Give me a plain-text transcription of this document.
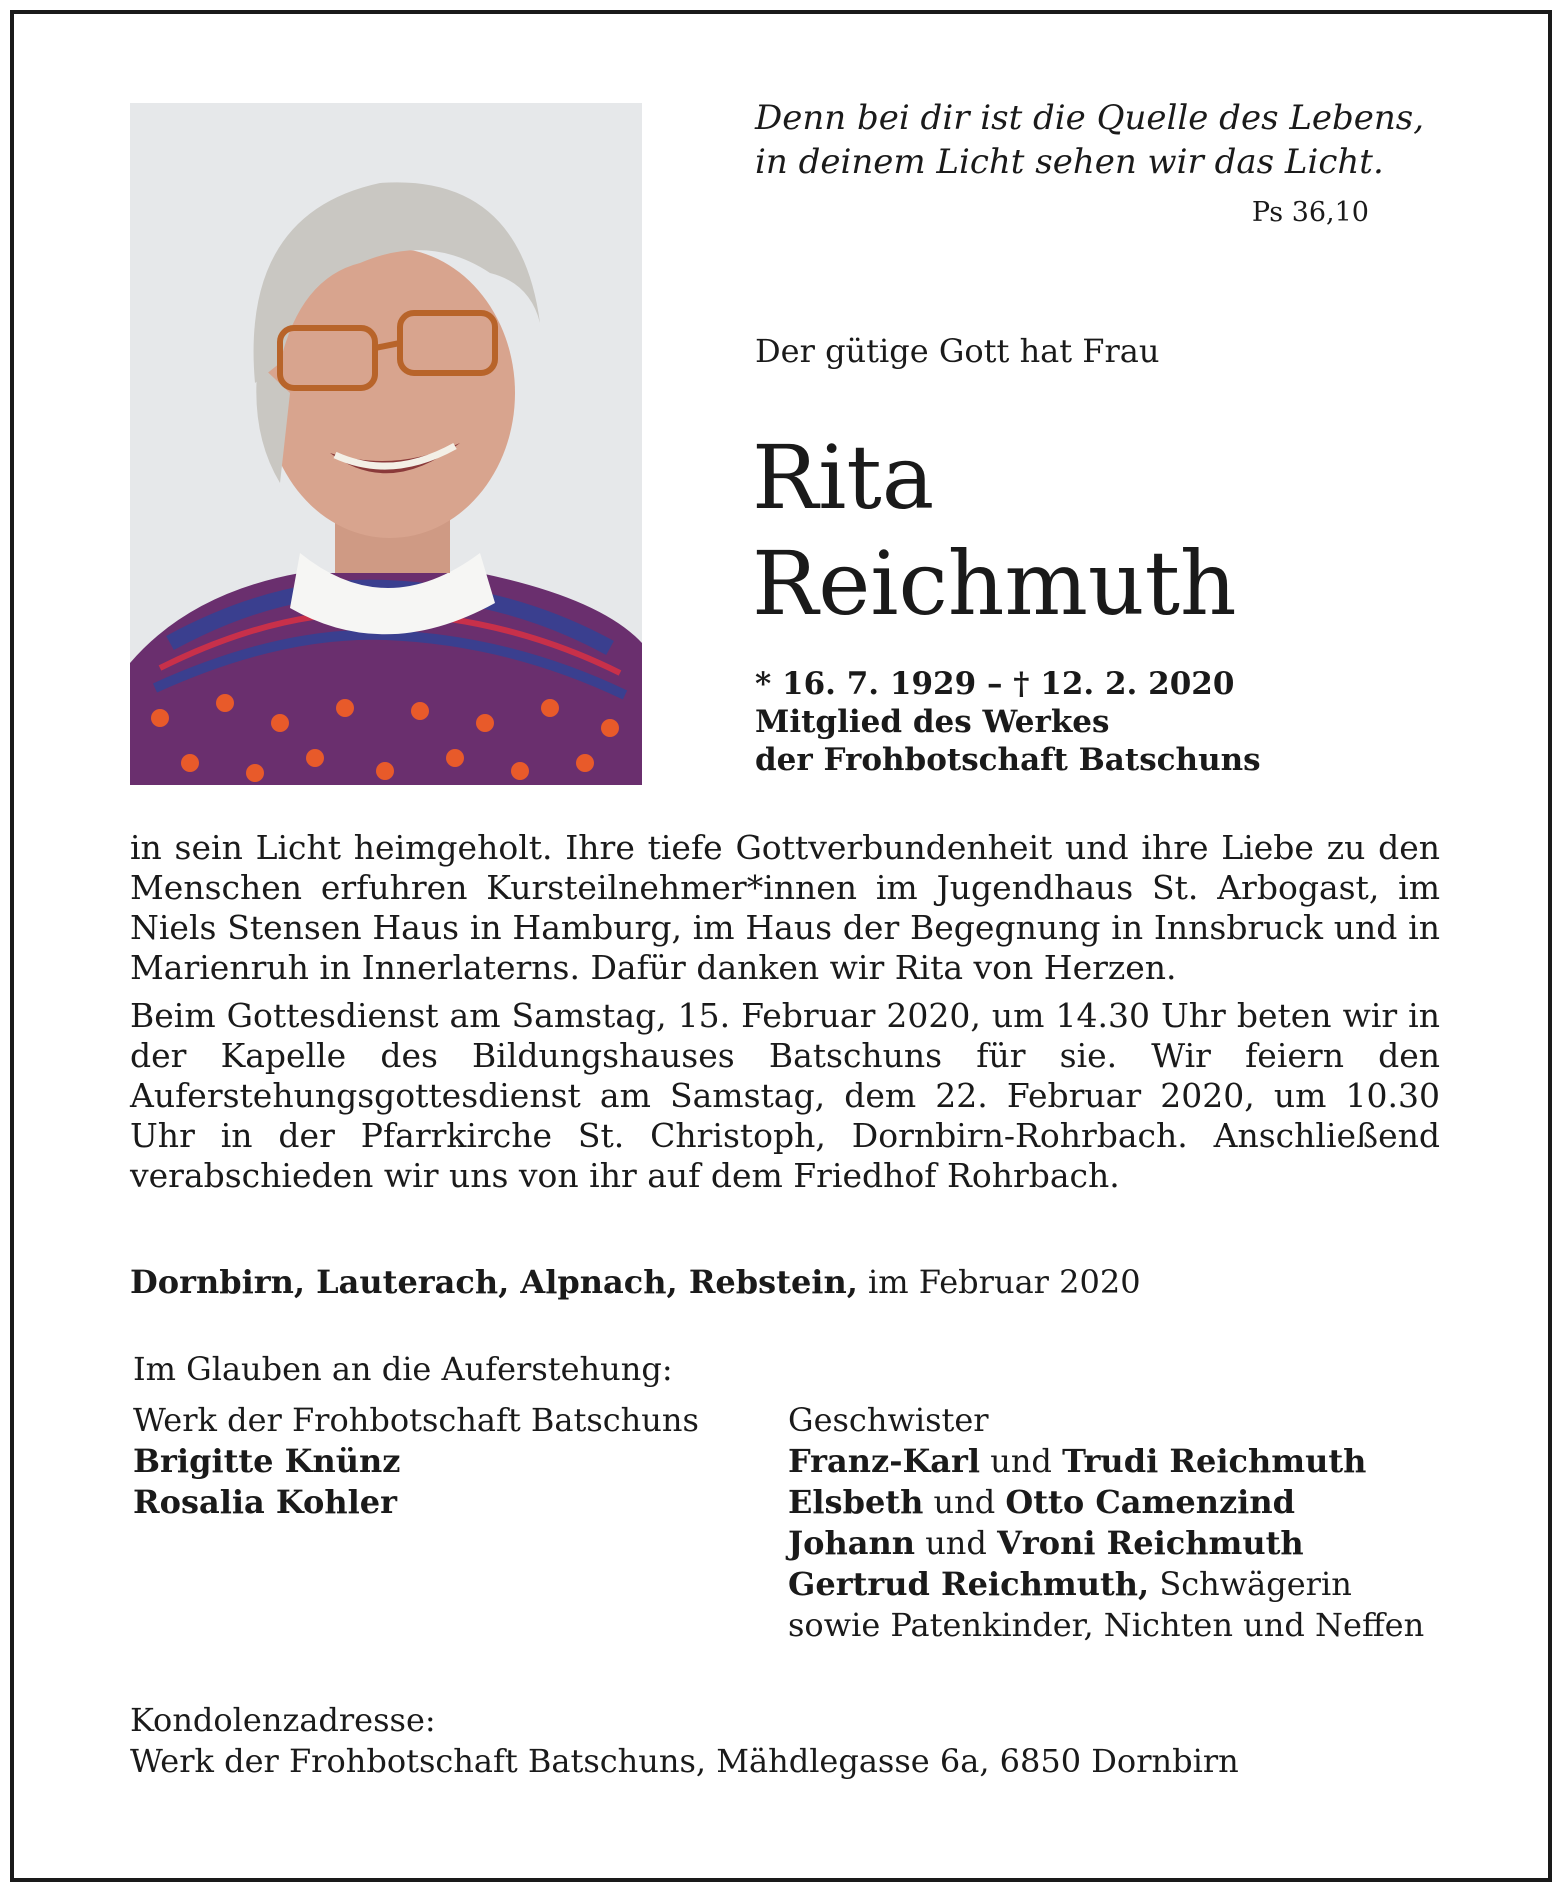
Denn bei dir ist die Quelle des Lebens,
in deinem Licht sehen wir das Licht.
Ps 36,10
Der gütige Gott hat Frau
Rita
Reichmuth
* 16. 7. 1929 – † 12. 2. 2020
Mitglied des Werkes
der Frohbotschaft Batschuns

in sein Licht heimgeholt. Ihre tiefe Gottverbundenheit und ihre Liebe zu den Menschen erfuhren Kursteilnehmer*innen im Jugendhaus St. Arbogast, im Niels Stensen Haus in Hamburg, im Haus der Begegnung in Innsbruck und in Marienruh in Innerlaterns. Dafür danken wir Rita von Herzen.

Beim Gottesdienst am Samstag, 15. Februar 2020, um 14.30 Uhr beten wir in der Kapelle des Bildungshauses Batschuns für sie. Wir feiern den Auferstehungsgottesdienst am Samstag, dem 22. Februar 2020, um 10.30 Uhr in der Pfarrkirche St. Christoph, Dornbirn-Rohrbach. Anschließend verabschieden wir uns von ihr auf dem Friedhof Rohrbach.

Dornbirn, Lauterach, Alpnach, Rebstein, im Februar 2020
Im Glauben an die Auferstehung:
Werk der Frohbotschaft Batschuns
Brigitte Knünz
Rosalia Kohler
Geschwister
Franz-Karl und Trudi Reichmuth
Elsbeth und Otto Camenzind
Johann und Vroni Reichmuth
Gertrud Reichmuth, Schwägerin
sowie Patenkinder, Nichten und Neffen
Kondolenzadresse:
Werk der Frohbotschaft Batschuns, Mähdlegasse 6a, 6850 Dornbirn
